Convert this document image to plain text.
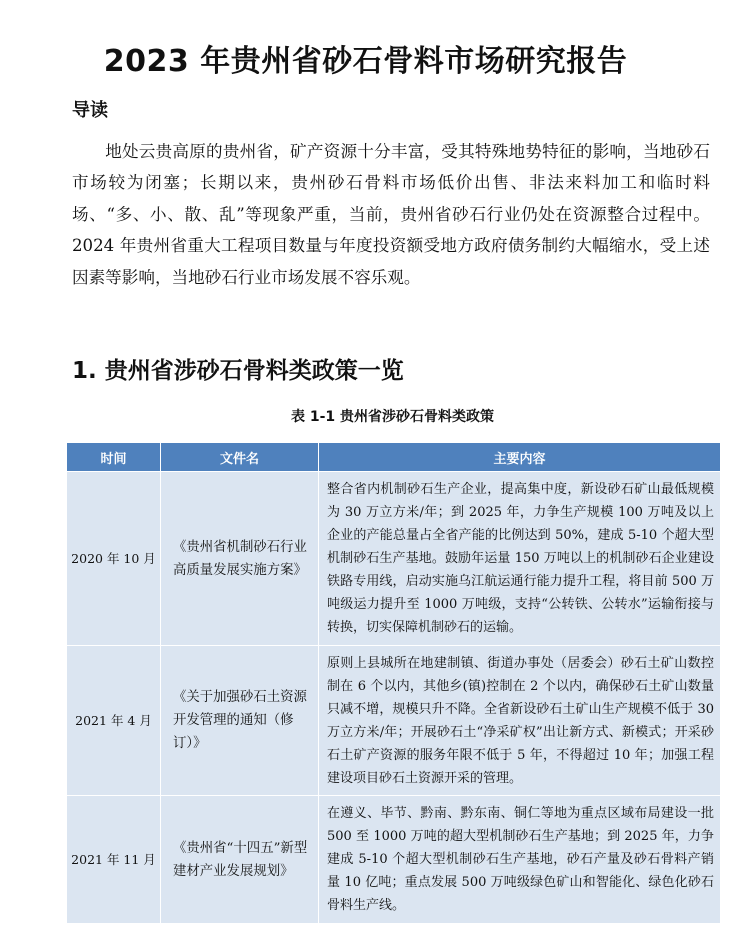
2023 年贵州省砂石骨料市场研究报告
导读

地处云贵高原的贵州省，矿产资源十分丰富，受其特殊地势特征的影响，当地砂石市场较为闭塞；长期以来，贵州砂石骨料市场低价出售、非法来料加工和临时料场、“多、小、散、乱”等现象严重，当前，贵州省砂石行业仍处在资源整合过程中。2024 年贵州省重大工程项目数量与年度投资额受地方政府债务制约大幅缩水，受上述因素等影响，当地砂石行业市场发展不容乐观。

1. 贵州省涉砂石骨料类政策一览

表 1-1 贵州省涉砂石骨料类政策

时间	文件名	主要内容
2020 年 10 月	《贵州省机制砂石行业高质量发展实施方案》	整合省内机制砂石生产企业，提高集中度，新设砂石矿山最低规模为 30 万立方米/年；到 2025 年，力争生产规模 100 万吨及以上企业的产能总量占全省产能的比例达到 50%，建成 5-10 个超大型机制砂石生产基地。鼓励年运量 150 万吨以上的机制砂石企业建设铁路专用线，启动实施乌江航运通行能力提升工程，将目前 500 万吨级运力提升至 1000 万吨级，支持“公转铁、公转水”运输衔接与转换，切实保障机制砂石的运输。
2021 年 4 月	《关于加强砂石土资源开发管理的通知（修订）》	原则上县城所在地建制镇、街道办事处（居委会）砂石土矿山数控制在 6 个以内，其他乡(镇)控制在 2 个以内，确保砂石土矿山数量只减不增，规模只升不降。全省新设砂石土矿山生产规模不低于 30 万立方米/年；开展砂石土“净采矿权”出让新方式、新模式；开采砂石土矿产资源的服务年限不低于 5 年，不得超过 10 年；加强工程建设项目砂石土资源开采的管理。
2021 年 11 月	《贵州省“十四五”新型建材产业发展规划》	在遵义、毕节、黔南、黔东南、铜仁等地为重点区域布局建设一批 500 至 1000 万吨的超大型机制砂石生产基地；到 2025 年，力争建成 5-10 个超大型机制砂石生产基地，砂石产量及砂石骨料产销量 10 亿吨；重点发展 500 万吨级绿色矿山和智能化、绿色化砂石骨料生产线。
